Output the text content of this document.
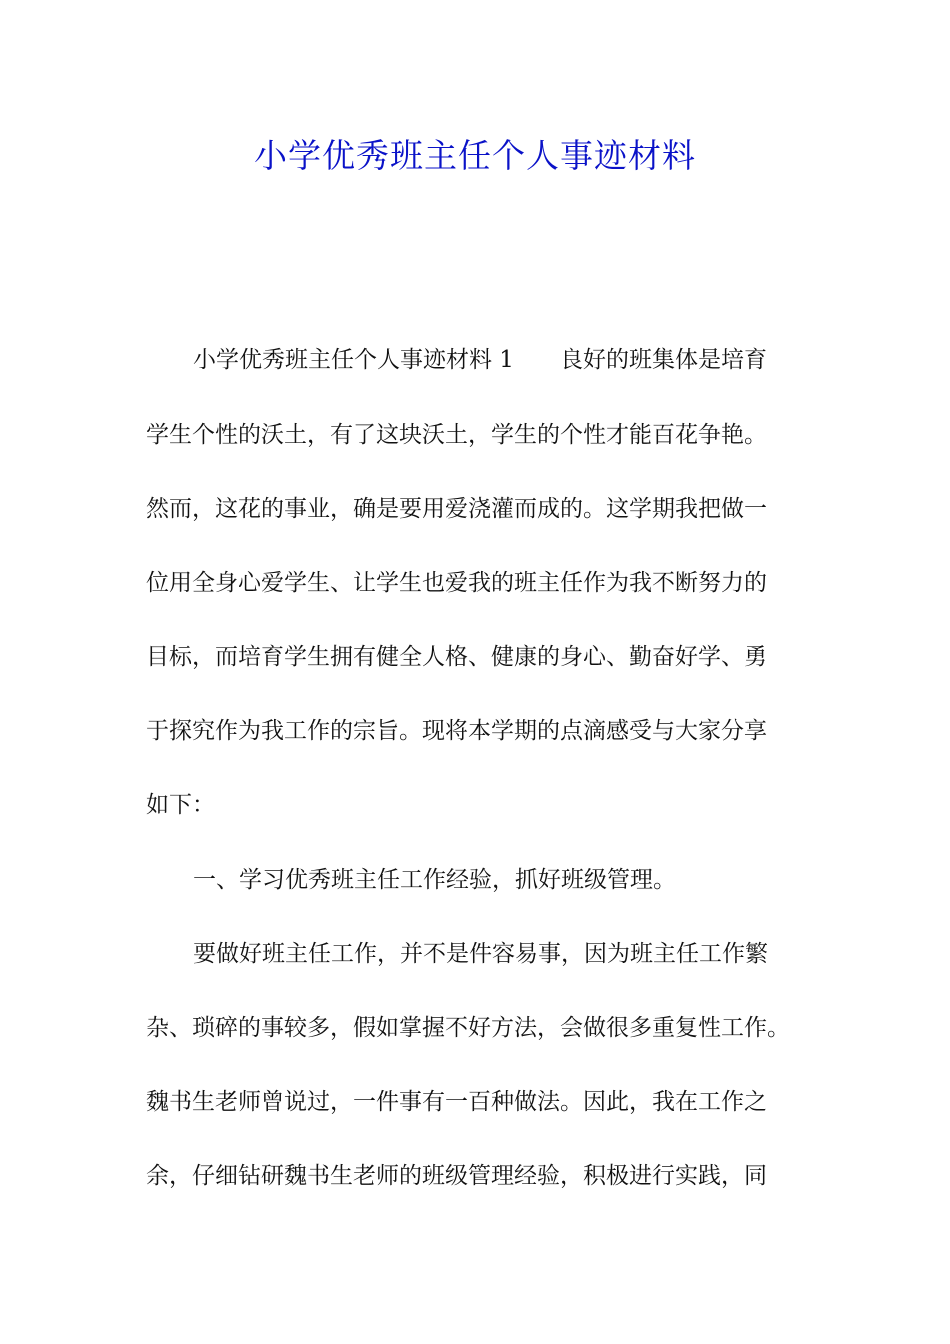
小学优秀班主任个人事迹材料
小学优秀班主任个人事迹材料 1 良好的班集体是培育
学生个性的沃土，有了这块沃土，学生的个性才能百花争艳。
然而，这花的事业，确是要用爱浇灌而成的。这学期我把做一
位用全身心爱学生、让学生也爱我的班主任作为我不断努力的
目标，而培育学生拥有健全人格、健康的身心、勤奋好学、勇
于探究作为我工作的宗旨。现将本学期的点滴感受与大家分享
如下：
一、学习优秀班主任工作经验，抓好班级管理。
要做好班主任工作，并不是件容易事，因为班主任工作繁
杂、琐碎的事较多，假如掌握不好方法，会做很多重复性工作。
魏书生老师曾说过，一件事有一百种做法。因此，我在工作之
余，仔细钻研魏书生老师的班级管理经验，积极进行实践，同
